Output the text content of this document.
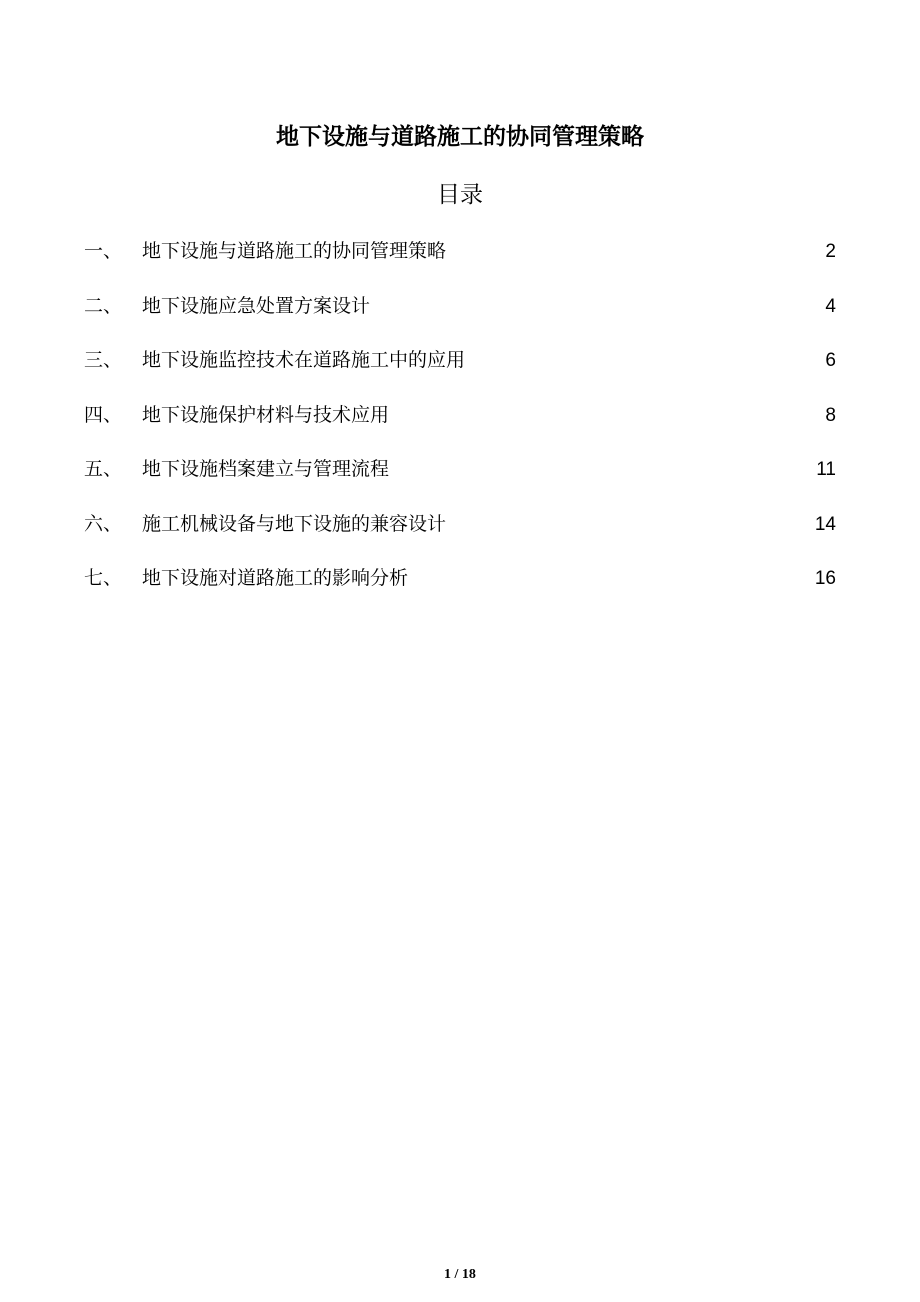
地下设施与道路施工的协同管理策略
目录
一、	地下设施与道路施工的协同管理策略 .....	2
二、	地下设施应急处置方案设计 .....	4
三、	地下设施监控技术在道路施工中的应用 .....	6
四、	地下设施保护材料与技术应用 .....	8
五、	地下设施档案建立与管理流程 .....	11
六、	施工机械设备与地下设施的兼容设计 .....	14
七、	地下设施对道路施工的影响分析 .....	16
1 / 18
